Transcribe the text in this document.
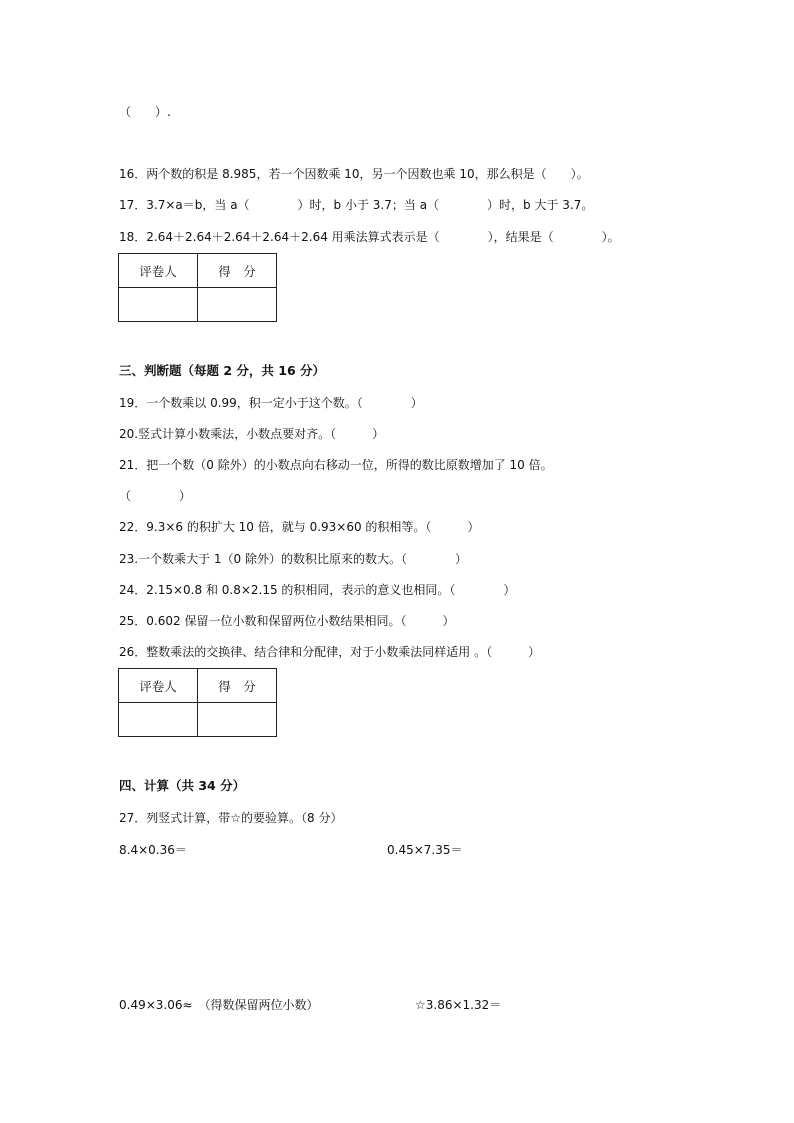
（　　）.
16．两个数的积是 8.985，若一个因数乘 10，另一个因数也乘 10，那么积是（　　）。
17．3.7×a＝b，当 a（　　　　）时，b 小于 3.7；当 a（　　　　）时，b 大于 3.7。
18．2.64＋2.64＋2.64＋2.64＋2.64 用乘法算式表示是（　　　　），结果是（　　　　）。
评卷人	得　分

三、判断题（每题 2 分，共 16 分）
19．一个数乘以 0.99，积一定小于这个数。（　　　　）
20.竖式计算小数乘法，小数点要对齐。（　　　）
21．把一个数（0 除外）的小数点向右移动一位，所得的数比原数增加了 10 倍。
（　　　　）
22．9.3×6 的积扩大 10 倍，就与 0.93×60 的积相等。（　　　）
23.一个数乘大于 1（0 除外）的数积比原来的数大。（　　　　）
24．2.15×0.8 和 0.8×2.15 的积相同，表示的意义也相同。（　　　　）
25．0.602 保留一位小数和保留两位小数结果相同。（　　　）
26．整数乘法的交换律、结合律和分配律，对于小数乘法同样适用 。（　　　）
评卷人	得　分

四、计算（共 34 分）
27．列竖式计算，带☆的要验算。（8 分）
8.4×0.36＝	0.45×7.35＝
0.49×3.06≈　（得数保留两位小数）	☆3.86×1.32＝
